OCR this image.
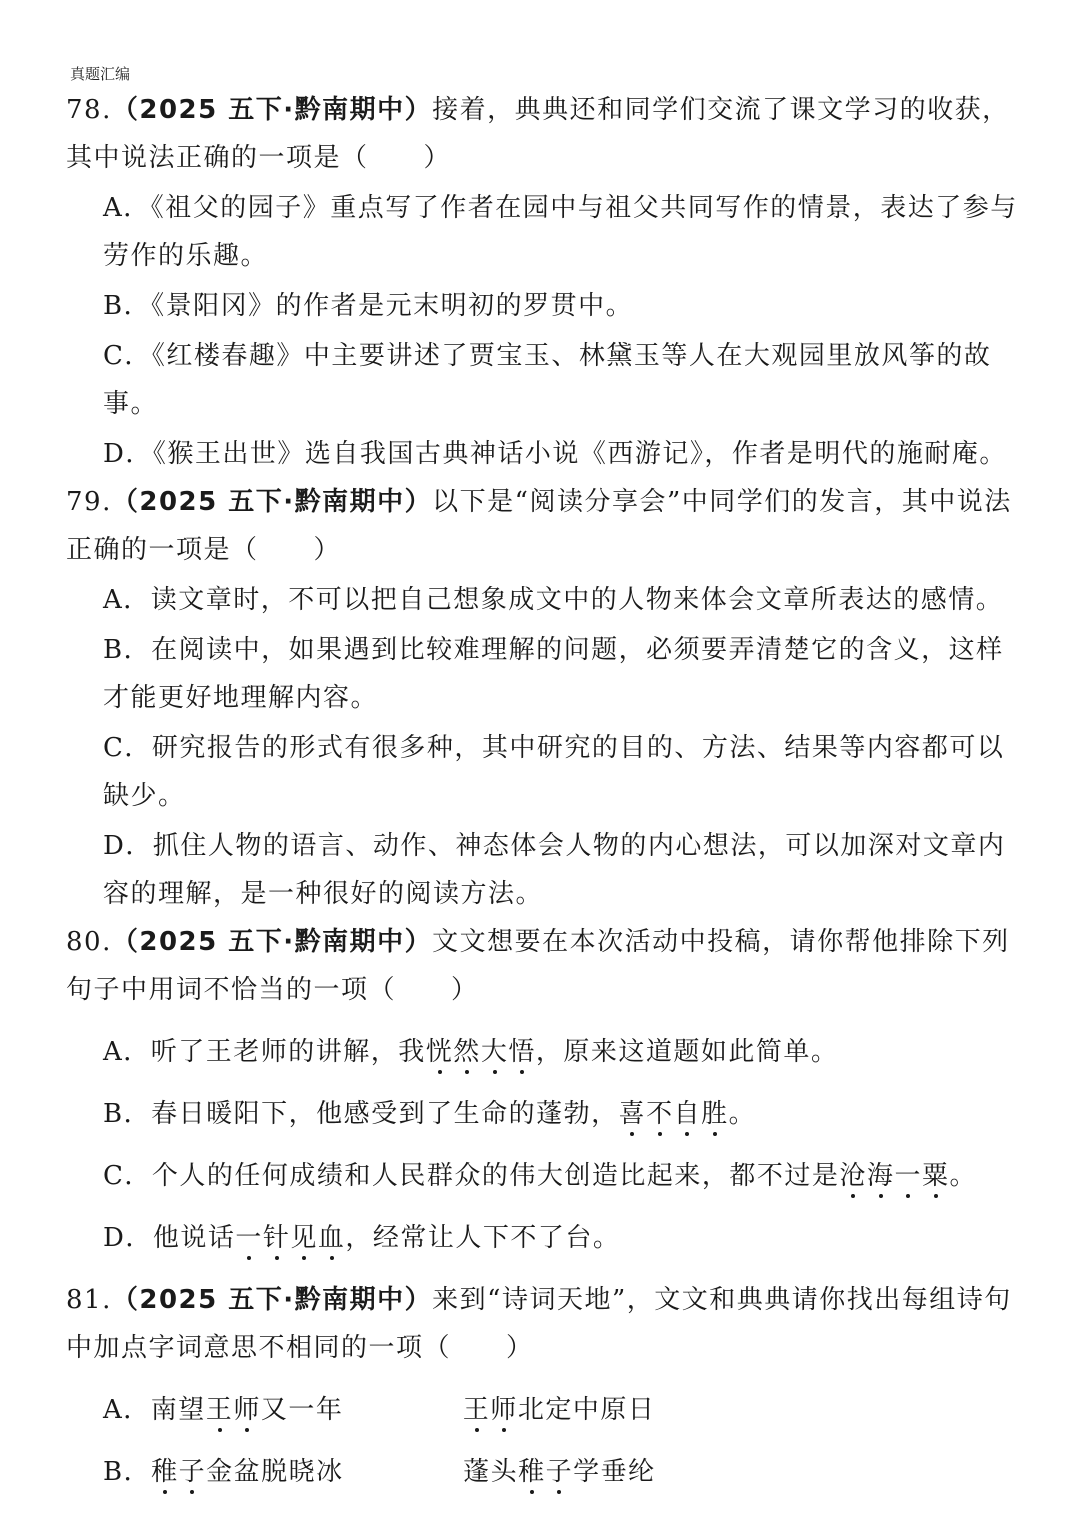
真题汇编

78.（2025 五下·黔南期中）接着，典典还和同学们交流了课文学习的收获，其中说法正确的一项是（　　）

A．《祖父的园子》重点写了作者在园中与祖父共同写作的情景，表达了参与劳作的乐趣。

B．《景阳冈》的作者是元末明初的罗贯中。

C．《红楼春趣》中主要讲述了贾宝玉、林黛玉等人在大观园里放风筝的故事。

D．《猴王出世》选自我国古典神话小说《西游记》，作者是明代的施耐庵。

79.（2025 五下·黔南期中）以下是“阅读分享会”中同学们的发言，其中说法正确的一项是（　　）

A．读文章时，不可以把自己想象成文中的人物来体会文章所表达的感情。

B．在阅读中，如果遇到比较难理解的问题，必须要弄清楚它的含义，这样才能更好地理解内容。

C．研究报告的形式有很多种，其中研究的目的、方法、结果等内容都可以缺少。

D．抓住人物的语言、动作、神态体会人物的内心想法，可以加深对文章内容的理解，是一种很好的阅读方法。

80.（2025 五下·黔南期中）文文想要在本次活动中投稿，请你帮他排除下列句子中用词不恰当的一项（　　）

A．听了王老师的讲解，我恍然大悟，原来这道题如此简单。

B．春日暖阳下，他感受到了生命的蓬勃，喜不自胜。

C．个人的任何成绩和人民群众的伟大创造比起来，都不过是沧海一粟。

D．他说话一针见血，经常让人下不了台。

81.（2025 五下·黔南期中）来到“诗词天地”，文文和典典请你找出每组诗句中加点字词意思不相同的一项（　　）

A．南望王师又一年	王师北定中原日

B．稚子金盆脱晓冰	蓬头稚子学垂纶
